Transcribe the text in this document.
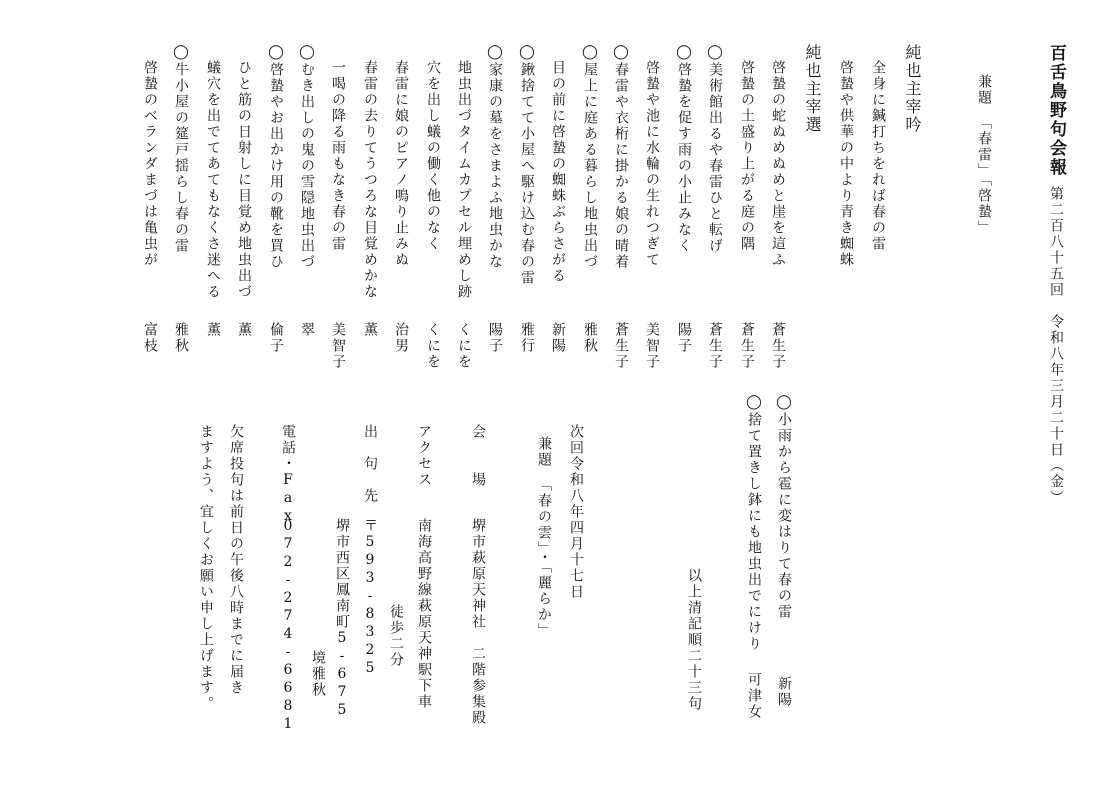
百舌鳥野句会報
第二百八十五回　令和八年三月二十日（金）
兼題　「春雷」「啓蟄」
純也主宰吟
全身に鍼打ちをれば春の雷
啓蟄や供華の中より青き蜘蛛
純也主宰選
啓蟄の蛇ぬめぬめと崖を這ふ
蒼生子
啓蟄の土盛り上がる庭の隅
蒼生子
◯美術館出るや春雷ひと転げ
蒼生子
◯啓蟄を促す雨の小止みなく
陽子
啓蟄や池に水輪の生れつぎて
美智子
◯春雷や衣桁に掛かる娘の晴着
蒼生子
◯屋上に庭ある暮らし地虫出づ
雅秋
目の前に啓蟄の蜘蛛ぶらさがる
新陽
◯鍬捨てて小屋へ駆け込む春の雷
雅行
◯家康の墓をさまよふ地虫かな
陽子
地虫出づタイムカプセル埋めし跡
くにを
穴を出し蟻の働く他のなく
くにを
春雷に娘のピアノ鳴り止みぬ
治男
春雷の去りてうつろな目覚めかな
薫
一喝の降る雨もなき春の雷
美智子
◯むき出しの鬼の雪隠地虫出づ
翠
◯啓蟄やお出かけ用の靴を買ひ
倫子
ひと筋の日射しに目覚め地虫出づ
薫
蟻穴を出でてあてもなくさ迷へる
薫
◯牛小屋の筵戸揺らし春の雷
雅秋
啓蟄のベランダまづは亀虫が
富枝
◯小雨から雹に変はりて春の雷
新陽
◯捨て置きし鉢にも地虫出でにけり
可津女
以上清記順二十三句
次回令和八年四月十七日
兼題　「春の雲」・「麗らか」
会　　場
堺市萩原天神社　二階参集殿
アクセス
南海高野線萩原天神駅下車
徒歩二分
出　句　先
〒593-8325
堺市西区鳳南町5-675
境雅秋
電話・Fax
072-274-6681
欠席投句は前日の午後八時までに届き
ますよう、宜しくお願い申し上げます。
